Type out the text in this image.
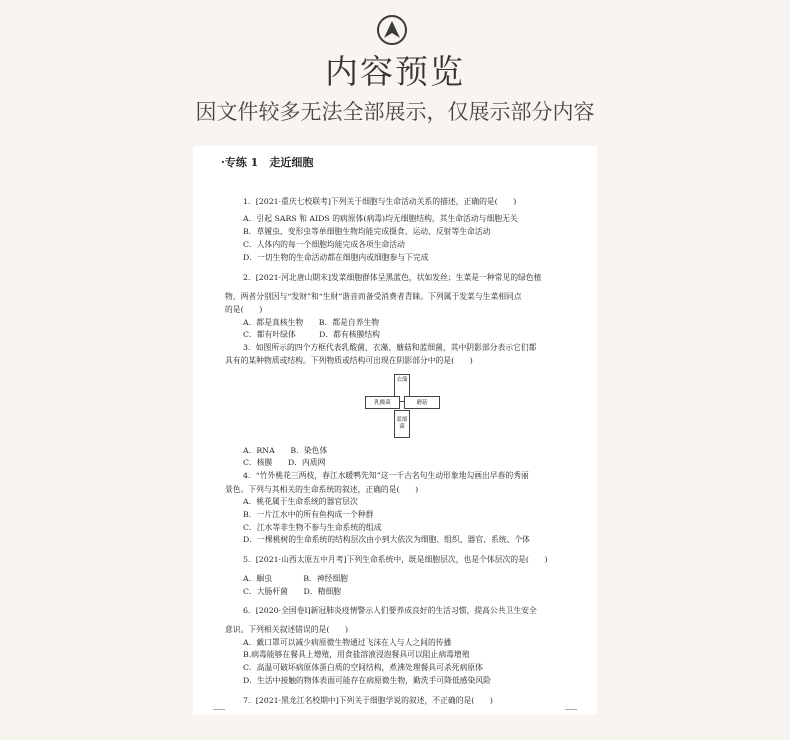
内容预览
因文件较多无法全部展示，仅展示部分内容
·专练 1　走近细胞
1．[2021·重庆七校联考]下列关于细胞与生命活动关系的描述，正确的是(　　)
A．引起 SARS 和 AIDS 的病原体(病毒)均无细胞结构，其生命活动与细胞无关
B．草履虫、变形虫等单细胞生物均能完成摄食、运动、反射等生命活动
C．人体内的每一个细胞均能完成各项生命活动
D．一切生物的生命活动都在细胞内或细胞参与下完成
2．[2021·河北唐山期末]发菜细胞群体呈黑蓝色，状如发丝；生菜是一种常见的绿色植
物，两者分别因与“发财”和“生财”谐音而备受消费者青睐。下列属于发菜与生菜相同点
的是(　　)
A．都是真核生物　　B．都是自养生物
C．都有叶绿体　　　D．都有核膜结构
3．如图所示的四个方框代表乳酸菌、衣藻、蘑菇和蓝细菌，其中阴影部分表示它们都
具有的某种物质或结构。下列物质或结构可出现在阴影部分中的是(　　)
衣藻
蓝细菌
乳酸菌	蘑菇
A．RNA　　B．染色体
C．核膜　　D．内质网
4．“竹外桃花三两枝，春江水暖鸭先知”这一千古名句生动形象地勾画出早春的秀丽
景色。下列与其相关的生命系统的叙述，正确的是(　　)
A．桃花属于生命系统的器官层次
B．一片江水中的所有鱼构成一个种群
C．江水等非生物不参与生命系统的组成
D．一棵桃树的生命系统的结构层次由小到大依次为细胞、组织、器官、系统、个体
5．[2021·山西太原五中月考]下列生命系统中，既是细胞层次，也是个体层次的是(　　)
A．蛔虫　　　　B．神经细胞
C．大肠杆菌　　D．精细胞
6．[2020·全国卷Ⅰ]新冠肺炎疫情警示人们要养成良好的生活习惯，提高公共卫生安全
意识。下列相关叙述错误的是(　　)
A．戴口罩可以减少病原微生物通过飞沫在人与人之间的传播
B.病毒能够在餐具上增殖，用食盐溶液浸泡餐具可以阻止病毒增殖
C．高温可破坏病原体蛋白质的空间结构，煮沸处理餐具可杀死病原体
D．生活中接触的物体表面可能存在病原微生物，勤洗手可降低感染风险
7．[2021·黑龙江名校期中]下列关于细胞学说的叙述，不正确的是(　　)
